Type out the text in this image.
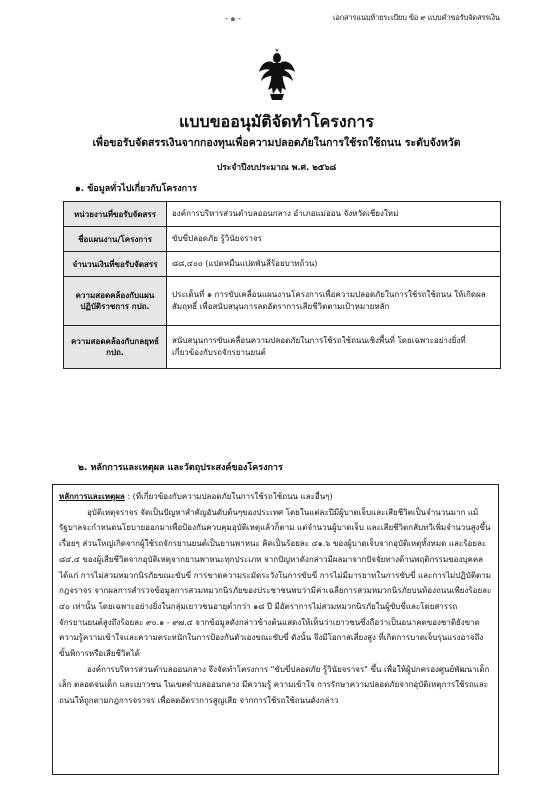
- ๑ -	เอกสารแนบท้ายระเบียบ ข้อ ๙ แบบคำขอรับจัดสรรเงิน
แบบขออนุมัติจัดทำโครงการ
เพื่อขอรับจัดสรรเงินจากกองทุนเพื่อความปลอดภัยในการใช้รถใช้ถนน ระดับจังหวัด
ประจำปีงบประมาณ พ.ศ. ๒๕๖๘
๑. ข้อมูลทั่วไปเกี่ยวกับโครงการ
หน่วยงานที่ขอรับจัดสรร	องค์การบริหารส่วนตำบลออนกลาง อำเภอแม่ออน จังหวัดเชียงใหม่
ชื่อแผนงาน/โครงการ	ขับขี่ปลอดภัย รู้วินัยจราจร
จำนวนเงินที่ขอรับจัดสรร	๘๘,๔๐๐ (แปดหมื่นแปดพันสี่ร้อยบาทถ้วน)
ความสอดคล้องกับแผนปฏิบัติราชการ กปถ.	ประเด็นที่ ๑ การขับเคลื่อนแผนงานโครงการเพื่อความปลอดภัยในการใช้รถใช้ถนน ให้เกิดผลสัมฤทธิ์ เพื่อสนับสนุนการลดอัตราการเสียชีวิตตามเป้าหมายหลัก
ความสอดคล้องกับกลยุทธ์ กปถ.	สนับสนุนการขับเคลื่อนความปลอดภัยในการใช้รถใช้ถนนเชิงพื้นที่ โดยเฉพาะอย่างยิ่งที่เกี่ยวข้องกับรถจักรยานยนต์
๒. หลักการและเหตุผล และวัตถุประสงค์ของโครงการ

หลักการและเหตุผล : (ที่เกี่ยวข้องกับความปลอดภัยในการใช้รถใช้ถนน และอื่นๆ)

อุบัติเหตุจราจร จัดเป็นปัญหาสำคัญอันดับต้นๆของประเทศ โดยในแต่ละปีมีผู้บาดเจ็บและเสียชีวิตเป็นจำนวนมาก แม้รัฐบาลจะกำหนดนโยบายออกมาเพื่อป้องกันควบคุมอุบัติเหตุแล้วก็ตาม แต่จำนวนผู้บาดเจ็บ และเสียชีวิตกลับทวีเพิ่มจำนวนสูงขึ้นเรื่อยๆ ส่วนใหญ่เกิดจากผู้ใช้รถจักรยานยนต์เป็นยานพาหนะ คิดเป็นร้อยละ ๔๑.๖ ของผู้บาดเจ็บจากอุบัติเหตุทั้งหมด และร้อยละ ๘๔.๔ ของผู้เสียชีวิตจากอุบัติเหตุจากยานพาหนะทุกประเภท จากปัญหาดังกล่าวมีผลมาจากปัจจัยทางด้านพฤติกรรมของบุคคล ได้แก่ การไม่สวมหมวกนิรภัยขณะขับขี่ การขาดความระมัดระวังในการขับขี่ การไม่มีมารยาทในการขับขี่ และการไม่ปฏิบัติตามกฎจราจร จากผลการสำรวจข้อมูลการสวมหมวกนิรภัยของประชาชนพบว่ามีค่าเฉลี่ยการสวมหมวกนิรภัยบนท้องถนนเพียงร้อยละ ๔๐ เท่านั้น โดยเฉพาะอย่างยิ่งในกลุ่มเยาวชนอายุต่ำกว่า ๑๘ ปี มีอัตราการไม่สวมหมวกนิรภัยในผู้ขับขี่และโดยสารรถจักรยานยนต์สูงถึงร้อยละ ๙๐.๑ - ๙๗.๔ จากข้อมูลดังกล่าวข้างต้นแสดงให้เห็นว่าเยาวชนซึ่งถือว่าเป็นอนาคตของชาติยังขาดความรู้ความเข้าใจและความตระหนักในการป้องกันตัวเองขณะขับขี่ ดังนั้น จึงมีโอกาสเสี่ยงสูง ที่เกิดการบาดเจ็บรุนแรงอาจถึงขั้นพิการหรือเสียชีวิตได้

องค์การบริหารส่วนตำบลออนกลาง จึงจัดทำโครงการ "ขับขี่ปลอดภัย รู้วินัยจราจร" ขึ้น เพื่อให้ผู้ปกครองศูนย์พัฒนาเด็กเล็ก ตลอดจนเด็ก และเยาวชน ในเขตตำบลออนกลาง มีความรู้ ความเข้าใจ การรักษาความปลอดภัยจากอุบัติเหตุการใช้รถและถนนให้ถูกตามกฎการจราจร เพื่อลดอัตราการสูญเสีย จากการใช้รถใช้ถนนดังกล่าว
